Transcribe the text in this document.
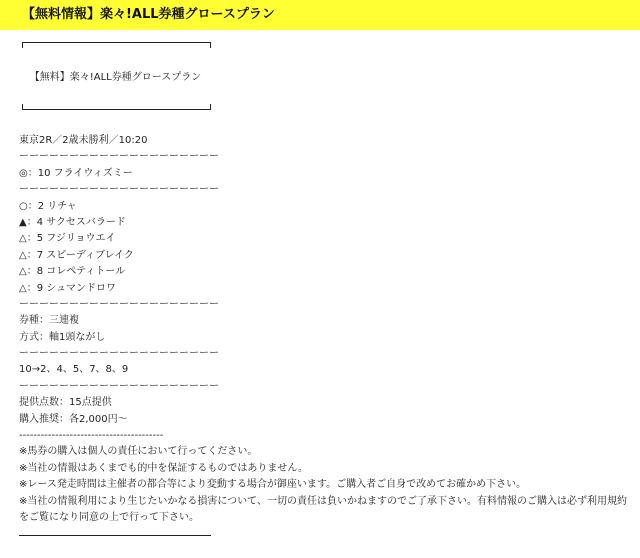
【無料情報】楽々!ALL券種グロースプラン
【無料】楽々!ALL券種グロースプラン
東京2R／2歳未勝利／10:20
ーーーーーーーーーーーーーーーーーーーー
◎：10 フライウィズミー
ーーーーーーーーーーーーーーーーーーーー
○：2 リチャ
▲：4 サクセスバラード
△：5 フジリョウエイ
△：7 スピーディブレイク
△：8 コレペティトール
△：9 シュマンドロワ
ーーーーーーーーーーーーーーーーーーーー
券種：三連複
方式：軸1頭ながし
ーーーーーーーーーーーーーーーーーーーー
10→2、4、5、7、8、9
ーーーーーーーーーーーーーーーーーーーー
提供点数：15点提供
購入推奨：各2,000円〜
----------------------------------------
※馬券の購入は個人の責任において行ってください。
※当社の情報はあくまでも的中を保証するものではありません。
※レース発走時間は主催者の都合等により変動する場合が御座います。ご購入者ご自身で改めてお確かめ下さい。
※当社の情報利用により生じたいかなる損害について、一切の責任は負いかねますのでご了承下さい。有料情報のご購入は必ず利用規約をご覧になり同意の上で行って下さい。
